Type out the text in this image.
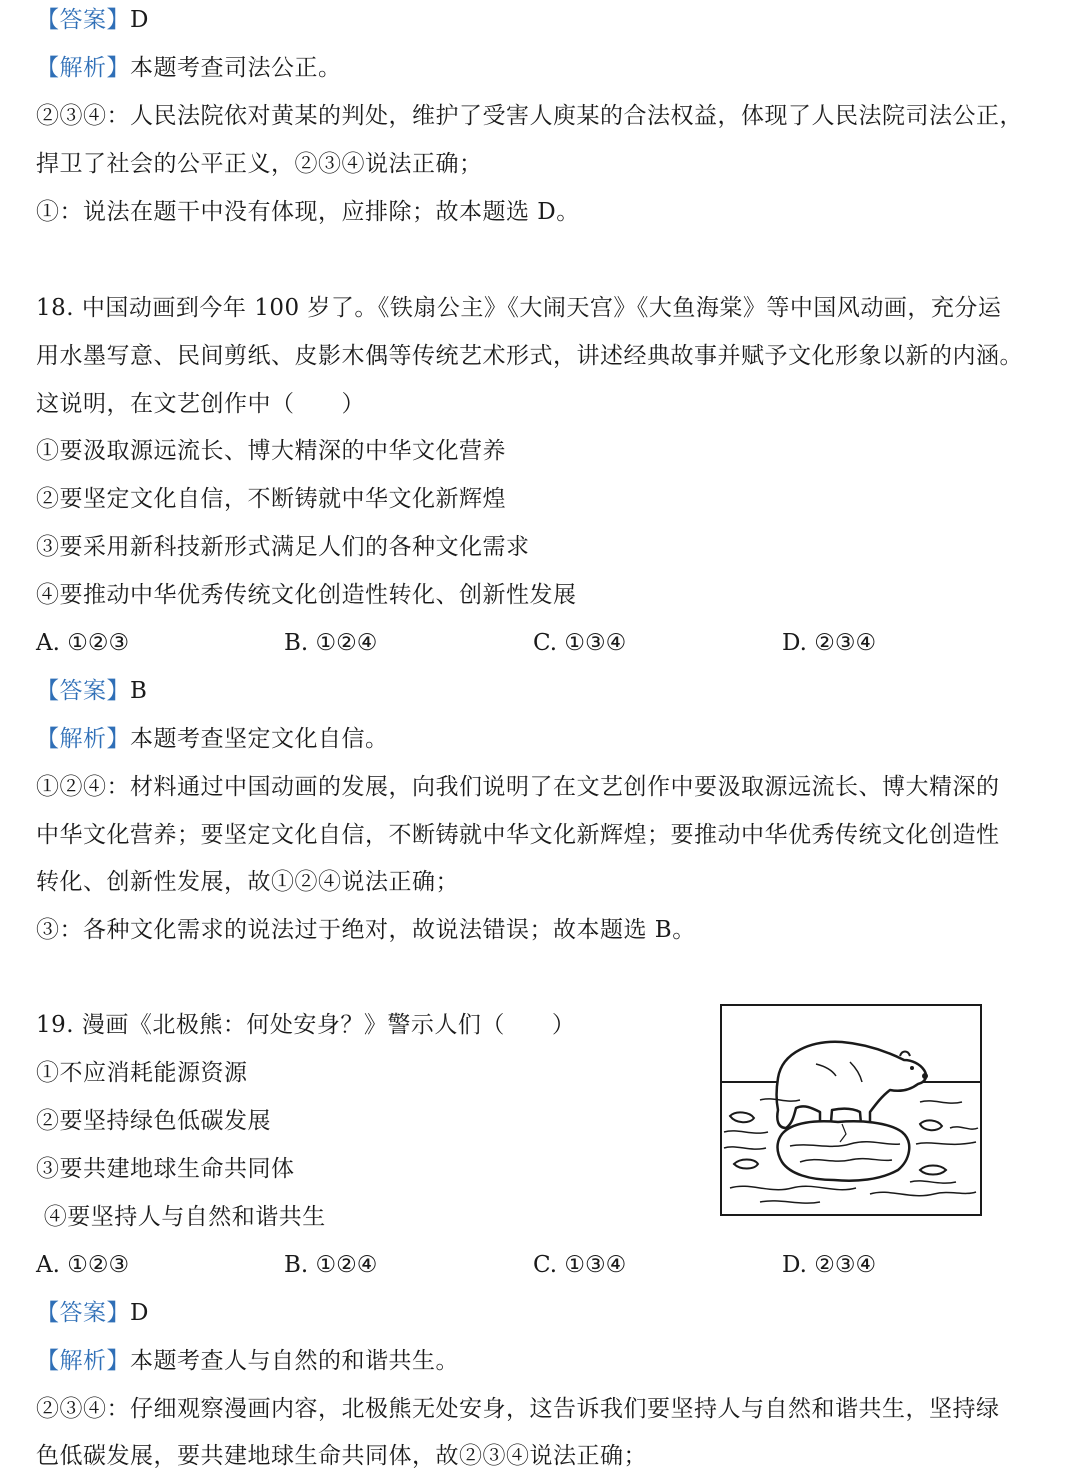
【答案】D
【解析】本题考查司法公正。
②③④：人民法院依对黄某的判处，维护了受害人庾某的合法权益，体现了人民法院司法公正，
捍卫了社会的公平正义，②③④说法正确；
①：说法在题干中没有体现，应排除；故本题选 D。
18. 中国动画到今年 100 岁了。《铁扇公主》《大闹天宫》《大鱼海棠》等中国风动画，充分运
用水墨写意、民间剪纸、皮影木偶等传统艺术形式，讲述经典故事并赋予文化形象以新的内涵。
这说明，在文艺创作中（　　）
①要汲取源远流长、博大精深的中华文化营养
②要坚定文化自信，不断铸就中华文化新辉煌
③要采用新科技新形式满足人们的各种文化需求
④要推动中华优秀传统文化创造性转化、创新性发展
A. ①②③	B. ①②④	C. ①③④	D. ②③④
【答案】B
【解析】本题考查坚定文化自信。
①②④：材料通过中国动画的发展，向我们说明了在文艺创作中要汲取源远流长、博大精深的
中华文化营养；要坚定文化自信，不断铸就中华文化新辉煌；要推动中华优秀传统文化创造性
转化、创新性发展，故①②④说法正确；
③：各种文化需求的说法过于绝对，故说法错误；故本题选 B。
19. 漫画《北极熊：何处安身？》警示人们（　　）
①不应消耗能源资源
②要坚持绿色低碳发展
③要共建地球生命共同体
④要坚持人与自然和谐共生
A. ①②③	B. ①②④	C. ①③④	D. ②③④
【答案】D
【解析】本题考查人与自然的和谐共生。
②③④：仔细观察漫画内容，北极熊无处安身，这告诉我们要坚持人与自然和谐共生，坚持绿
色低碳发展，要共建地球生命共同体，故②③④说法正确；
